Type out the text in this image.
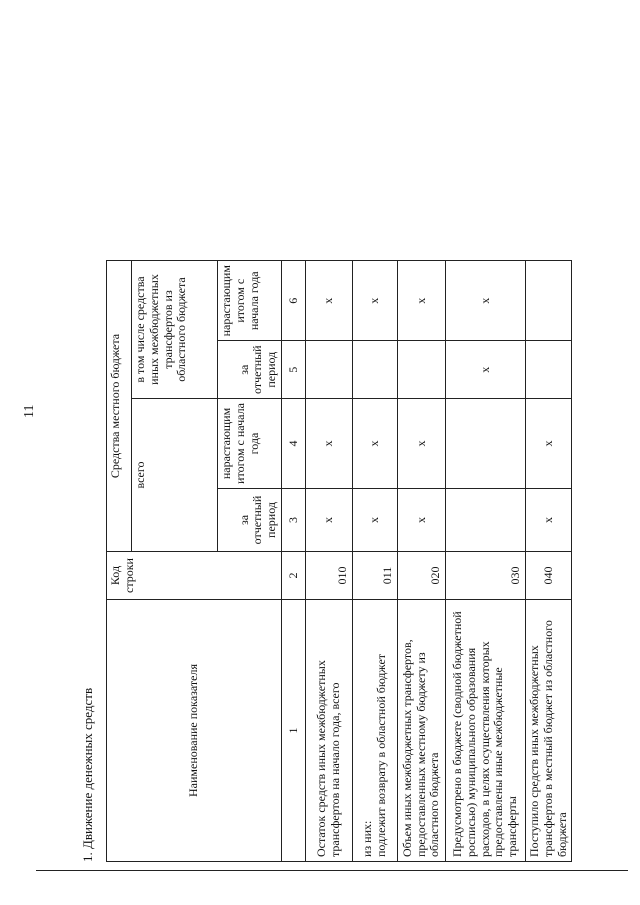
11
1. Движение денежных средств	Наименование показателя	Код строки	Средства местного бюджета			
		всего		в том числе средства иных межбюджетных трансфертов из областного бюджета	
		за отчетный период	нарастающим итогом с начала года	за отчетный период	нарастающим итогом с начала года
1	2	3	4	5	6
Остаток средств иных межбюджетных трансфертов на начало года, всего	010	x	x		x
из них:
подлежит возврату в областной бюджет	011	x	x		x
Объем иных межбюджетных трансфертов, предоставленных местному бюджету из областного бюджета	020	x	x		x
Предусмотрено в бюджете (сводной бюджетной росписью) муниципального образования расходов, в целях осуществления которых предоставлены иные межбюджетные трансферты	030			x	x
Поступило средств иных межбюджетных трансфертов в местный бюджет из областного бюджета	040	x	x		
